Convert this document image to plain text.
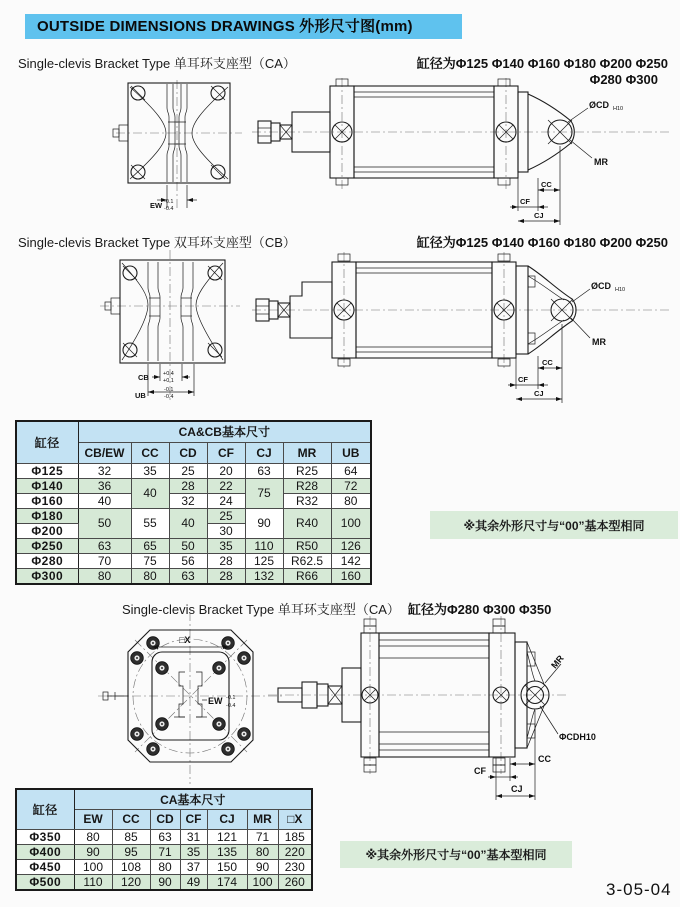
OUTSIDE DIMENSIONS DRAWINGS 外形尺寸图(mm)
Single-clevis Bracket Type 单耳环支座型（CA）	缸径为Φ125 Φ140 Φ160 Φ180 Φ200 Φ250
Φ280 Φ300
EW -0.1
-0.4
ØCD H10
MR
CC
CF
CJ
Single-clevis Bracket Type 双耳环支座型（CB）	缸径为Φ125 Φ140 Φ160 Φ180 Φ200 Φ250
CB	+0.4
+0.1
UB
-0.1
-0.4
ØCD H10
MR
CC
CF
CJ
缸径	CA&CB基本尺寸						
	CB/EW	CC	CD	CF	CJ	MR	UB
Φ125	32	35	25	20	63	R25	64
Φ140	36	40	28	22	75	R28	72
Φ160	40		32	24		R32	80
Φ180	50	55	40	25	90	R40	100
Φ200				30			
Φ250	63	65	50	35	110	R50	126
Φ280	70	75	56	28	125	R62.5	142
Φ300	80	80	63	28	132	R66	160
※其余外形尺寸与“00”基本型相同
Single-clevis Bracket Type 单耳环支座型（CA） 缸径为Φ280 Φ300 Φ350
□X
EW -0.1
-0.4
MR
ΦCDH10
CC
CF
CJ
缸径	CA基本尺寸						
	EW	CC	CD	CF	CJ	MR	□X
Φ350	80	85	63	31	121	71	185
Φ400	90	95	71	35	135	80	220
Φ450	100	108	80	37	150	90	230
Φ500	110	120	90	49	174	100	260
※其余外形尺寸与“00”基本型相同
3-05-04
